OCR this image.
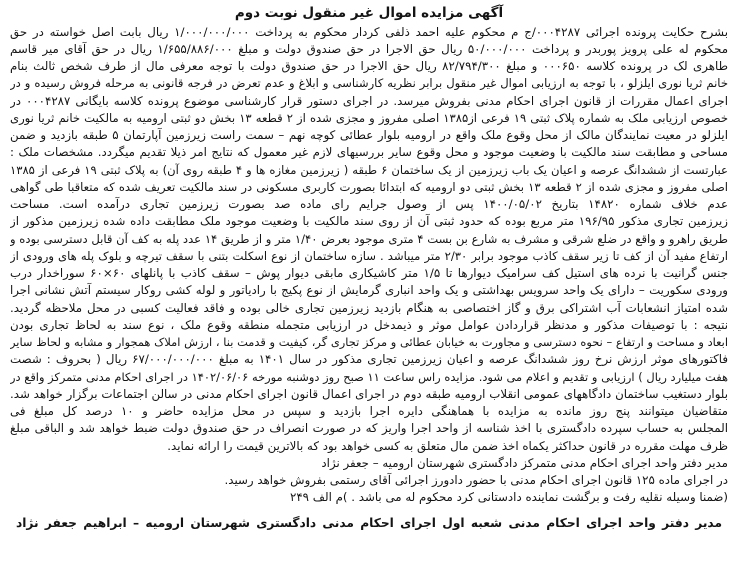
آگهی مزایده اموال غیر منقول نوبت دوم
بشرح حکایت پرونده اجرائی ۰۰۰۴۲۸۷/ج م محکوم علیه احمد ذلفی کردار محکوم به پرداخت ۱/۰۰۰/۰۰۰/۰۰۰ ریال بابت اصل خواسته در حق
محکوم له علی پرویز پوربدر و پرداخت ۵۰/۰۰۰/۰۰۰ ریال حق الاجرا در حق صندوق دولت و مبلغ ۱/۶۵۵/۸۸۶/۰۰۰ ریال در حق آقای میر قاسم
طاهری لک در پرونده کلاسه ۰۰۰۶۵۰ و مبلغ ۸۲/۷۹۴/۳۰۰ ریال حق الاجرا در حق صندوق دولت با توجه معرفی مال از طرف شخص ثالث بنام
خانم ثریا نوری ایلزلو ، با توجه به ارزیابی اموال غیر منقول برابر نظریه کارشناسی و ابلاغ و عدم تعرض در فرجه قانونی به مرحله فروش رسیده و در
اجرای اعمال مقررات از قانون اجرای احکام مدنی بفروش میرسد. در اجرای دستور قرار کارشناسی موضوع پرونده کلاسه بایگانی ۰۰۰۴۲۸۷ در
خصوص ارزیابی ملک به شماره پلاک ثبتی ۱۹ فرعی از۱۳۸۵ اصلی مفروز و مجزی شده از ۲ قطعه ۱۳ بخش دو ثبتی ارومیه به مالکیت خانم ثریا نوری
ایلزلو در معیت نمایندگان مالک از محل وقوع ملک واقع در ارومیه بلوار عطائی کوچه نهم – سمت راست زیرزمین آپارتمان ۵ طبقه بازدید و ضمن
مساحی و مطابقت سند مالکیت با وضعیت موجود و محل وقوع سایر بررسیهای لازم غیر معمول که نتایج امر ذیلا تقدیم میگردد. مشخصات ملک :
عبارتست از ششدانگ عرصه و اعیان یک باب زیرزمین از یک ساختمان ۶ طبقه ( زیرزمین مغازه ها و ۴ طبقه روی آن) به پلاک ثبتی ۱۹ فرعی از ۱۳۸۵
اصلی مفروز و مجزی شده از ۲ قطعه ۱۳ بخش ثبتی دو ارومیه که ابتدائا بصورت کاربری مسکونی در سند مالکیت تعریف شده که متعاقبا طی گواهی
عدم خلاف شماره ۱۴۸۲۰ بتاریخ ۱۴۰۰/۰۵/۰۲ پس از وصول جرایم رای ماده صد بصورت زیرزمین تجاری درآمده است. مساحت
زیرزمین تجاری مذکور ۱۹۶/۹۵ متر مربع بوده که حدود ثبتی آن از روی سند مالکیت با وضعیت موجود ملک مطابقت داده شده زیرزمین مذکور از
طریق راهرو و واقع در ضلع شرقی و مشرف به شارع بن بست ۴ متری موجود بعرض ۱/۴۰ متر و از طریق ۱۴ عدد پله به کف آن قابل دسترسی بوده و
ارتفاع مفید آن از کف تا زیر سقف کاذب موجود برابر ۲/۳۰ متر میباشد . سازه ساختمان از نوع اسکلت بتنی با سقف تیرچه و بلوک پله های ورودی از
جنس گرانیت با نرده های استیل کف سرامیک دیوارها تا ۱/۵ متر کاشیکاری مابقی دیوار پوش – سقف کاذب با پانلهای ۶۰×۶۰ سوراخدار درب
ورودی سکوریت – دارای یک واحد سرویس بهداشتی و یک واحد انباری گرمایش از نوع پکیج با رادیاتور و لوله کشی روکار سیستم آتش نشانی اجرا
شده امتیاز انشعابات آب اشتراکی برق و گاز اختصاصی به هنگام بازدید زیرزمین تجاری خالی بوده و فاقد فعالیت کسبی در محل ملاحظه گردید.
نتیجه : با توصیفات مذکور و مدنظر قراردادن عوامل موثر و ذیمدخل در ارزیابی متجمله منطقه وقوع ملک ، نوع سند به لحاظ تجاری بودن
ابعاد و مساحت و ارتفاع – نحوه دسترسی و مجاورت به خیابان عطائی و مرکز تجاری گر، کیفیت و قدمت بنا ، ارزش املاک همجوار و مشابه و لحاظ سایر
فاکتورهای موثر ارزش نرخ روز ششدانگ عرصه و اعیان زیرزمین تجاری مذکور در سال ۱۴۰۱ به مبلغ ۶۷/۰۰۰/۰۰۰/۰۰۰ ریال ( بحروف : شصت
هفت میلیارد ریال ) ارزیابی و تقدیم و اعلام می شود. مزایده راس ساعت ۱۱ صبح روز دوشنبه مورخه ۱۴۰۲/۰۶/۰۶ در اجرای احکام مدنی متمرکز واقع در
بلوار دستغیب ساختمان دادگاههای عمومی انقلاب ارومیه طبقه دوم در اجرای اعمال قانون اجرای احکام مدنی در سالن اجتماعات برگزار خواهد شد.
متقاضیان میتوانند پنج روز مانده به مزایده با هماهنگی دایره اجرا بازدید و سپس در محل مزایده حاضر و ۱۰ درصد کل مبلغ فی
المجلس به حساب سپرده دادگستری با اخذ شناسه از واحد اجرا واریز که در صورت انصراف در حق صندوق دولت ضبط خواهد شد و الباقی مبلغ
ظرف مهلت مقرره در قانون حداکثر یکماه اخذ ضمن مال متعلق به کسی خواهد بود که بالاترین قیمت را ارائه نماید.
مدیر دفتر واحد اجرای احکام مدنی متمرکز دادگستری شهرستان ارومیه – جعفر نژاد
در اجرای ماده ۱۲۵ قانون اجرای احکام مدنی با حضور دادورز اجرائی آقای رستمی بفروش خواهد رسید.
(ضمنا وسیله نقلیه رفت و برگشت نماینده دادستانی کرد محکوم له می باشد . )م الف ۲۴۹
مدیر دفتر واحد اجرای احکام مدنی شعبه اول اجرای احکام مدنی دادگستری شهرستان ارومیه – ابراهیم جعفر نژاد
